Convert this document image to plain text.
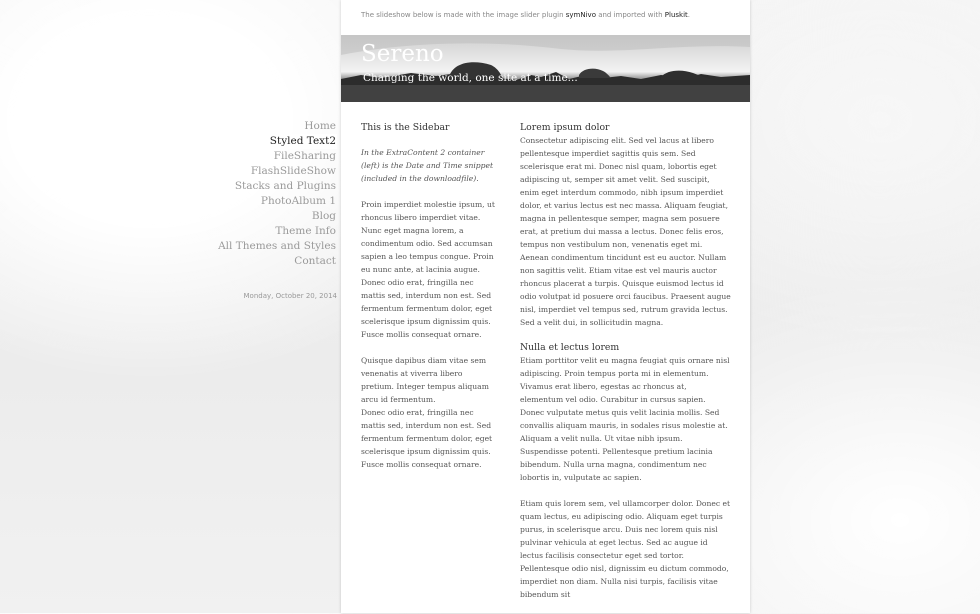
Home
Styled Text2
FileSharing
FlashSlideShow
Stacks and Plugins
PhotoAlbum 1
Blog
Theme Info
All Themes and Styles
Contact
Monday, October 20, 2014
The slideshow below is made with the image slider plugin symNivo and imported with Pluskit.
Sereno
Changing the world, one site at a time...
This is the Sidebar

In the ExtraContent 2 container (left) is the Date and Time snippet (included in the downloadfile).

Proin imperdiet molestie ipsum, ut rhoncus libero imperdiet vitae. Nunc eget magna lorem, a condimentum odio. Sed accumsan sapien a leo tempus congue. Proin eu nunc ante, at lacinia augue. Donec odio erat, fringilla nec mattis sed, interdum non est. Sed fermentum fermentum dolor, eget scelerisque ipsum dignissim quis. Fusce mollis consequat ornare.

Quisque dapibus diam vitae sem venenatis at viverra libero pretium. Integer tempus aliquam arcu id fermentum.

Donec odio erat, fringilla nec mattis sed, interdum non est. Sed fermentum fermentum dolor, eget scelerisque ipsum dignissim quis. Fusce mollis consequat ornare.

Lorem ipsum dolor

Consectetur adipiscing elit. Sed vel lacus at libero pellentesque imperdiet sagittis quis sem. Sed scelerisque erat mi. Donec nisl quam, lobortis eget adipiscing ut, semper sit amet velit. Sed suscipit, enim eget interdum commodo, nibh ipsum imperdiet dolor, et varius lectus est nec massa. Aliquam feugiat, magna in pellentesque semper, magna sem posuere erat, at pretium dui massa a lectus. Donec felis eros, tempus non vestibulum non, venenatis eget mi. Aenean condimentum tincidunt est eu auctor. Nullam non sagittis velit. Etiam vitae est vel mauris auctor rhoncus placerat a turpis. Quisque euismod lectus id odio volutpat id posuere orci faucibus. Praesent augue nisl, imperdiet vel tempus sed, rutrum gravida lectus. Sed a velit dui, in sollicitudin magna.

Nulla et lectus lorem

Etiam porttitor velit eu magna feugiat quis ornare nisl adipiscing. Proin tempus porta mi in elementum. Vivamus erat libero, egestas ac rhoncus at, elementum vel odio. Curabitur in cursus sapien. Donec vulputate metus quis velit lacinia mollis. Sed convallis aliquam mauris, in sodales risus molestie at. Aliquam a velit nulla. Ut vitae nibh ipsum. Suspendisse potenti. Pellentesque pretium lacinia bibendum. Nulla urna magna, condimentum nec lobortis in, vulputate ac sapien.

Etiam quis lorem sem, vel ullamcorper dolor. Donec et quam lectus, eu adipiscing odio. Aliquam eget turpis purus, in scelerisque arcu. Duis nec lorem quis nisl pulvinar vehicula at eget lectus. Sed ac augue id lectus facilisis consectetur eget sed tortor. Pellentesque odio nisl, dignissim eu dictum commodo, imperdiet non diam. Nulla nisi turpis, facilisis vitae bibendum sit
